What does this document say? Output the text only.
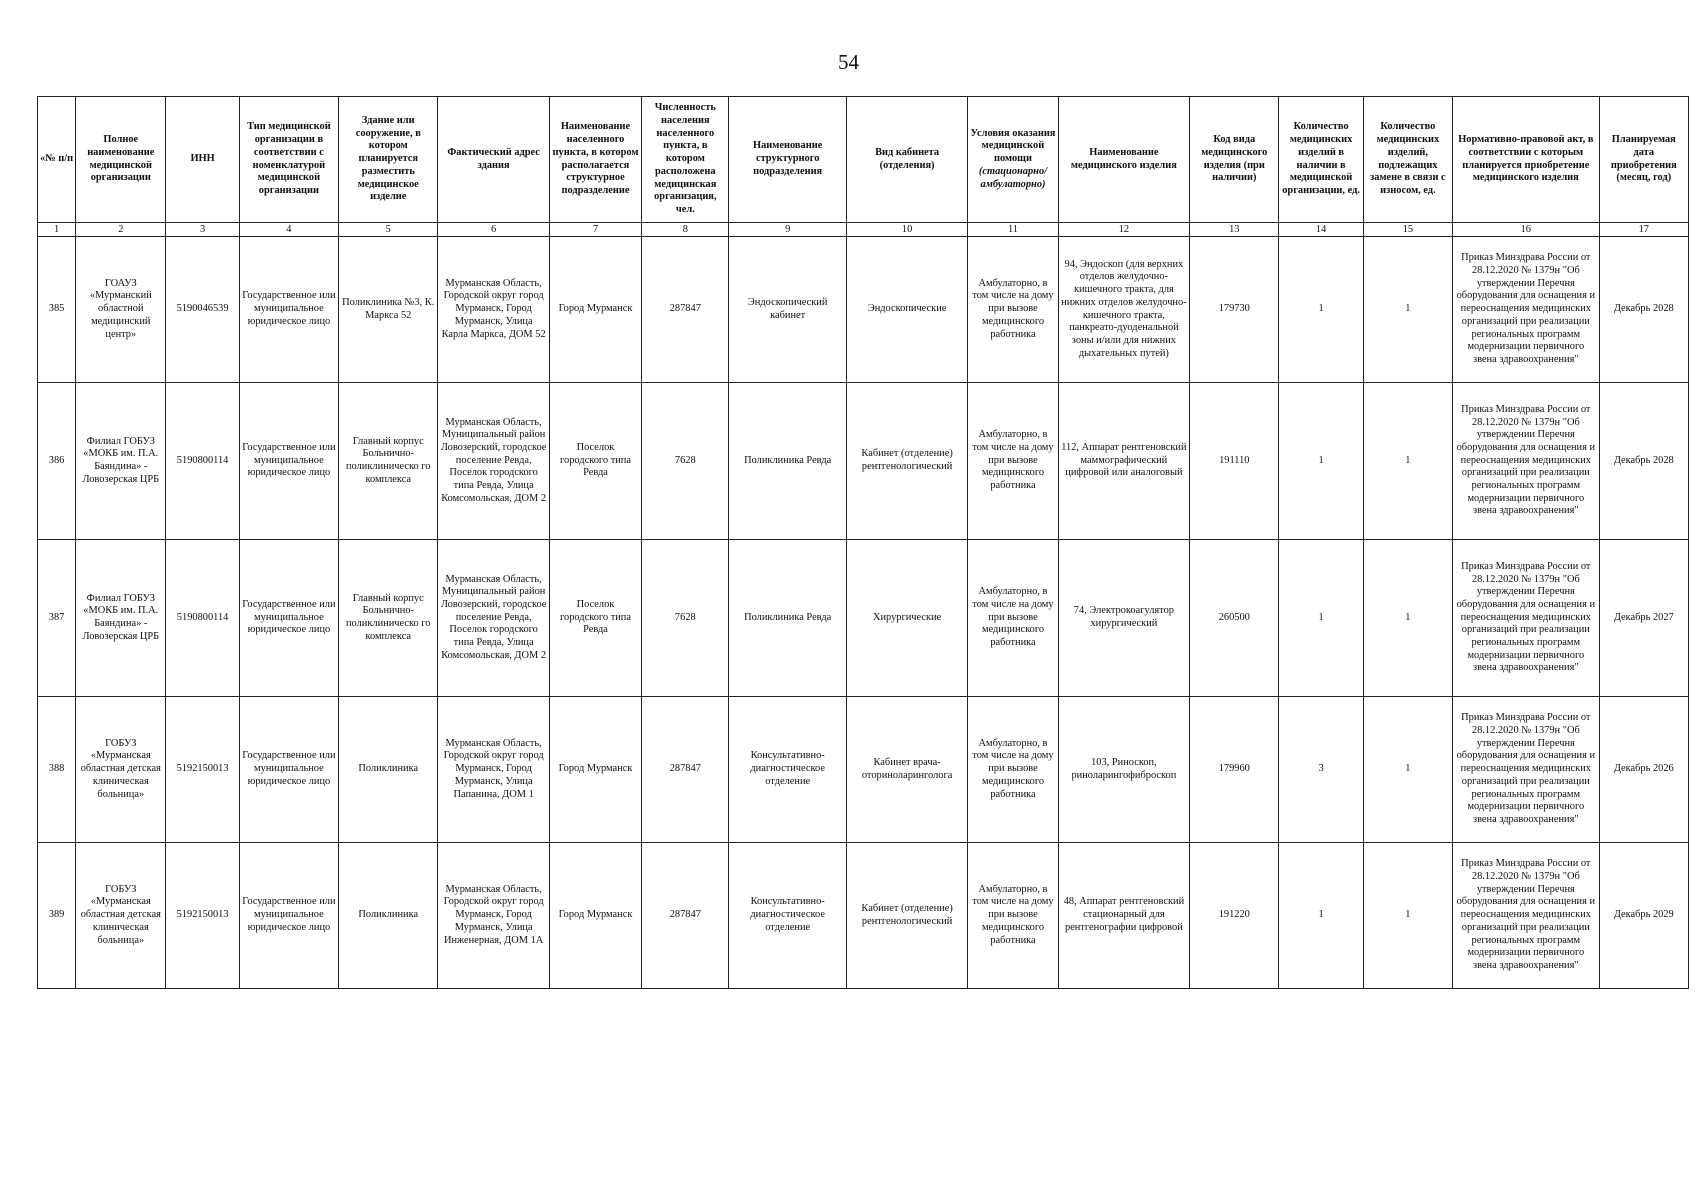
54
«№ п/п	Полное наименование медицинской организации	ИНН	Тип медицинской организации в соответствии с номенклатурой медицинской организации	Здание или сооружение, в котором планируется разместить медицинское изделие	Фактический адрес здания	Наименование населенного пункта, в котором располагается структурное подразделение	Численность населения населенного пункта, в котором расположена медицинская организация, чел.	Наименование структурного подразделения	Вид кабинета (отделения)	Условия оказания медицинской помощи (стационарно/ амбулаторно)	Наименование медицинского изделия	Код вида медицинского изделия (при наличии)	Количество медицинских изделий в наличии в медицинской организации, ед.	Количество медицинских изделий, подлежащих замене в связи с износом, ед.	Нормативно-правовой акт, в соответствии с которым планируется приобретение медицинского изделия	Планируемая дата приобретения (месяц, год)
1	2	3	4	5	6	7	8	9	10	11	12	13	14	15	16	17
385	ГОАУЗ «Мурманский областной медицинский центр»	5190046539	Государственное или муниципальное юридическое лицо	Поликлиника №3, К. Маркса 52	Мурманская Область, Городской округ город Мурманск, Город Мурманск, Улица Карла Маркса, ДОМ 52	Город Мурманск	287847	Эндоскопический кабинет	Эндоскопические	Амбулаторно, в том числе на дому при вызове медицинского работника	94, Эндоскоп (для верхних отделов желудочно- кишечного тракта, для нижних отделов желудочно-кишечного тракта, панкреато-дуоденальной зоны и/или для нижних дыхательных путей)	179730	1	1	Приказ Минздрава России от 28.12.2020 № 1379н "Об утверждении Перечня оборудования для оснащения и переоснащения медицинских организаций при реализации региональных программ модернизации первичного звена здравоохранения"	Декабрь 2028
386	Филиал ГОБУЗ «МОКБ им. П.А. Баяндина» - Ловозерская ЦРБ	5190800114	Государственное или муниципальное юридическое лицо	Главный корпус Больнично-поликлиническо го комплекса	Мурманская Область, Муниципальный район Ловозерский, городское поселение Ревда, Поселок городского типа Ревда, Улица Комсомольская, ДОМ 2	Поселок городского типа Ревда	7628	Поликлиника Ревда	Кабинет (отделение) рентгенологический	Амбулаторно, в том числе на дому при вызове медицинского работника	112, Аппарат рентгеновский маммографический цифровой или аналоговый	191110	1	1	Приказ Минздрава России от 28.12.2020 № 1379н "Об утверждении Перечня оборудования для оснащения и переоснащения медицинских организаций при реализации региональных программ модернизации первичного звена здравоохранения"	Декабрь 2028
387	Филиал ГОБУЗ «МОКБ им. П.А. Баяндина» - Ловозерская ЦРБ	5190800114	Государственное или муниципальное юридическое лицо	Главный корпус Больнично-поликлиническо го комплекса	Мурманская Область, Муниципальный район Ловозерский, городское поселение Ревда, Поселок городского типа Ревда, Улица Комсомольская, ДОМ 2	Поселок городского типа Ревда	7628	Поликлиника Ревда	Хирургические	Амбулаторно, в том числе на дому при вызове медицинского работника	74, Электрокоагулятор хирургический	260500	1	1	Приказ Минздрава России от 28.12.2020 № 1379н "Об утверждении Перечня оборудования для оснащения и переоснащения медицинских организаций при реализации региональных программ модернизации первичного звена здравоохранения"	Декабрь 2027
388	ГОБУЗ «Мурманская областная детская клиническая больница»	5192150013	Государственное или муниципальное юридическое лицо	Поликлиника	Мурманская Область, Городской округ город Мурманск, Город Мурманск, Улица Папанина, ДОМ 1	Город Мурманск	287847	Консультативно-диагностическое отделение	Кабинет врача-оториноларинголога	Амбулаторно, в том числе на дому при вызове медицинского работника	103, Риноскоп, риноларингофиброскоп	179960	3	1	Приказ Минздрава России от 28.12.2020 № 1379н "Об утверждении Перечня оборудования для оснащения и переоснащения медицинских организаций при реализации региональных программ модернизации первичного звена здравоохранения"	Декабрь 2026
389	ГОБУЗ «Мурманская областная детская клиническая больница»	5192150013	Государственное или муниципальное юридическое лицо	Поликлиника	Мурманская Область, Городской округ город Мурманск, Город Мурманск, Улица Инженерная, ДОМ 1А	Город Мурманск	287847	Консультативно-диагностическое отделение	Кабинет (отделение) рентгенологический	Амбулаторно, в том числе на дому при вызове медицинского работника	48, Аппарат рентгеновский стационарный для рентгенографии цифровой	191220	1	1	Приказ Минздрава России от 28.12.2020 № 1379н "Об утверждении Перечня оборудования для оснащения и переоснащения медицинских организаций при реализации региональных программ модернизации первичного звена здравоохранения"	Декабрь 2029
